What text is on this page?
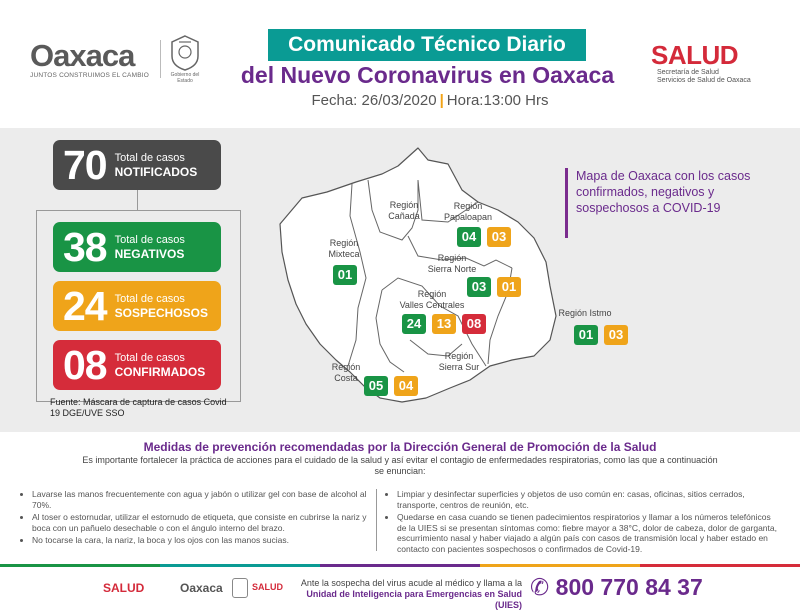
Oaxaca
JUNTOS CONSTRUIMOS EL CAMBIO	Gobierno del Estado
Comunicado Técnico Diario
del Nuevo Coronavirus en Oaxaca
Fecha: 26/03/2020 | Hora:13:00 Hrs
SALUD
Secretaría de Salud
Servicios de Salud de Oaxaca
70 Total de casos
NOTIFICADOS
38 Total de casos
NEGATIVOS
24 Total de casos
SOSPECHOSOS
08 Total de casos
CONFIRMADOS
Fuente: Máscara de captura de casos Covid 19 DGE/UVE SSO
Región
Cañada
Región
Papaloapan
04	03
Región
Mixteca
01
Región
Sierra Norte
03	01
Región
Valles Centrales
24	13	08
Región Istmo
01	03
Región
Sierra Sur
Región
Costa 05	04
Mapa de Oaxaca con los casos confirmados, negativos y sospechosos a COVID-19
Medidas de prevención recomendadas por la Dirección General de Promoción de la Salud
Es importante fortalecer la práctica de acciones para el cuidado de la salud y así evitar el contagio de enfermedades respiratorias, como las que a continuación se enuncian:
• Lavarse las manos frecuentemente con agua y jabón o utilizar gel con base de alcohol al 70%.
• Al toser o estornudar, utilizar el estornudo de etiqueta, que consiste en cubrirse la nariz y boca con un pañuelo desechable o con el ángulo interno del brazo.
• No tocarse la cara, la nariz, la boca y los ojos con las manos sucias.
• Limpiar y desinfectar superficies y objetos de uso común en: casas, oficinas, sitios cerrados, transporte, centros de reunión, etc.
• Quedarse en casa cuando se tienen padecimientos respiratorios y llamar a los números telefónicos de la UIES si se presentan síntomas como: fiebre mayor a 38°C, dolor de cabeza, dolor de garganta, escurrimiento nasal y haber viajado a algún país con casos de transmisión local y haber estado en contacto con pacientes sospechosos o confirmados de Covid-19.
SALUD	Oaxaca	SALUD	Ante la sospecha del virus acude al médico y llama a la
Unidad de Inteligencia para Emergencias en Salud (UIES)
✆ 800 770 84 37
